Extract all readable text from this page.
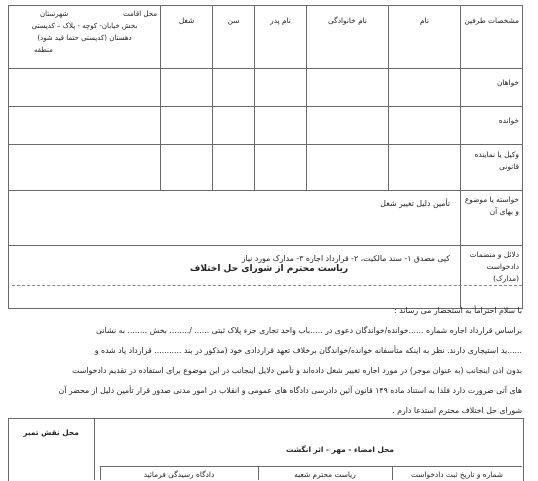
مشخصات طرفین	نام	نام خانوادگی	نام پدر	سن	شغل	محل اقامت
شهرستان
بخش خیابان- کوچه - پلاک – کدپستی
دهستان (کدپستی حتما قید شود)
منطقه

خواهان						
خوانده						
وکیل یا نماینده قانونی						
خواسته یا موضوع و بهای آن	تأمین دلیل تغییر شغل					
دلائل و منضمات دادخواست (مدارک)	کپی مصدق ۱- سند مالکیت، ۲- قرارداد اجاره ۳- مدارک مورد نیاز					
ریاست محترم از شورای حل اختلاف

با سلام احترامأ به استحضار می رساند :

براساس قرارداد اجاره شماره ......خوانده/خواندگان دعوی در .....باب واحد تجاری جزء پلاک ثبتی ...... /........ بخش ........ به نشانی

......ید استیجاری دارند. نظر به اینکه متأسفانه خوانده/خواندگان برخلاف تعهد قراردادی خود (مذکور در بند ........... قرارداد یاد شده و

بدون اذن اینجانب (به عنوان موجر) در مورد اجاره تغییر شغل داده‌اند و تأمین دلایل اینجانب در این موضوع برای استفاده در تقدیم دادخواست

های آتی ضرورت دارد فلذا به استناد ماده ۱۴۹ قانون آئین دادرسی دادگاه های عمومی و انقلاب در امور مدنی صدور قرار تأمین دلیل از محضر آن

شورای حل اختلاف محترم استدعا دارم .

محل نقش تمبر
محل امضاء - مهر - اثر انگشت
شماره و تاریخ ثبت دادخواست
ریاست محترم شعبه
دادگاه رسیدگی فرمائید
